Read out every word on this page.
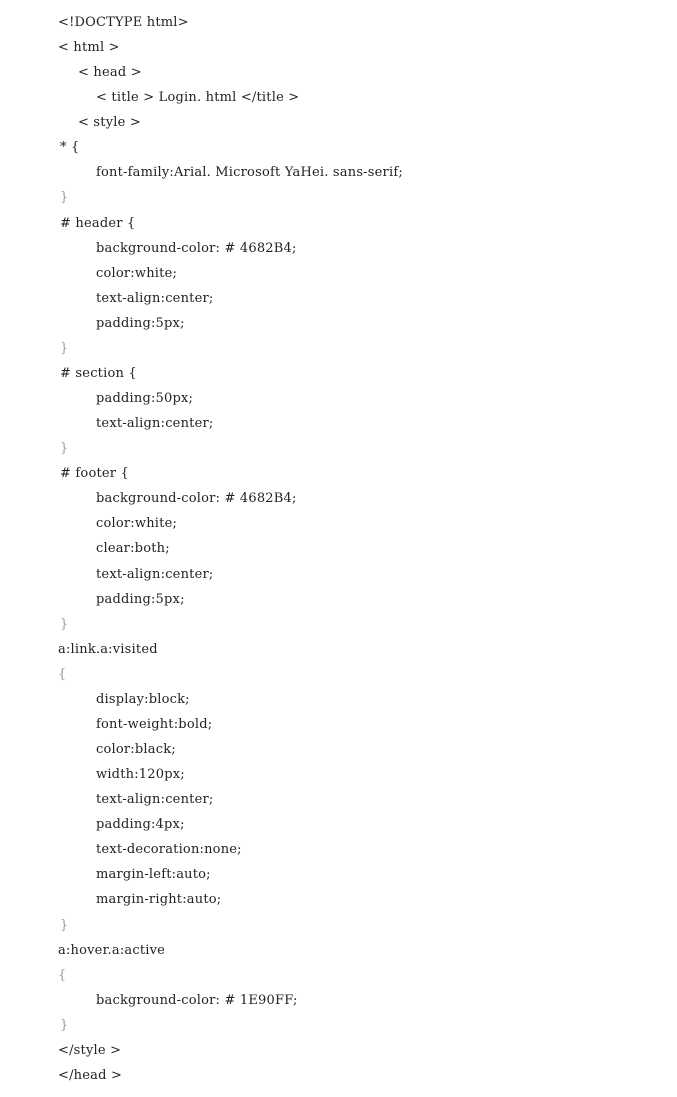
<!DOCTYPE html>
< html >
< head >
< title > Login. html </title >
< style >
* {
font-family:Arial. Microsoft YaHei. sans-serif;
}
# header {
background-color: # 4682B4;
color:white;
text-align:center;
padding:5px;
}
# section {
padding:50px;
text-align:center;
}
# footer {
background-color: # 4682B4;
color:white;
clear:both;
text-align:center;
padding:5px;
}
a:link.a:visited
{
display:block;
font-weight:bold;
color:black;
width:120px;
text-align:center;
padding:4px;
text-decoration:none;
margin-left:auto;
margin-right:auto;
}
a:hover.a:active
{
background-color: # 1E90FF;
}
</style >
</head >
